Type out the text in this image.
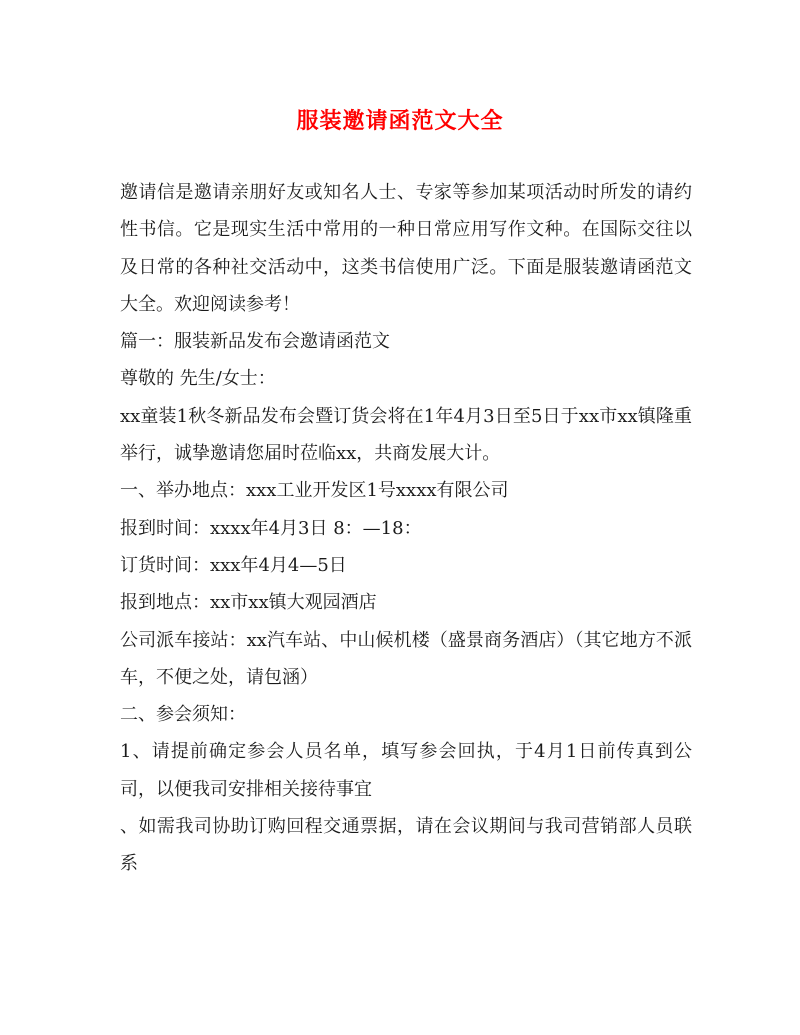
服装邀请函范文大全

邀请信是邀请亲朋好友或知名人士、专家等参加某项活动时所发的请约性书信。它是现实生活中常用的一种日常应用写作文种。在国际交往以及日常的各种社交活动中，这类书信使用广泛。下面是服装邀请函范文大全。欢迎阅读参考！

篇一：服装新品发布会邀请函范文

尊敬的 先生/女士：

xx童装1秋冬新品发布会暨订货会将在1年4月3日至5日于xx市xx镇隆重举行，诚挚邀请您届时莅临xx，共商发展大计。

一、举办地点：xxx工业开发区1号xxxx有限公司

报到时间：xxxx年4月3日 8：—18：

订货时间：xxx年4月4—5日

报到地点：xx市xx镇大观园酒店

公司派车接站：xx汽车站、中山候机楼（盛景商务酒店）（其它地方不派车，不便之处，请包涵）

二、参会须知：

1、请提前确定参会人员名单，填写参会回执，于4月1日前传真到公司，以便我司安排相关接待事宜

、如需我司协助订购回程交通票据，请在会议期间与我司营销部人员联系
